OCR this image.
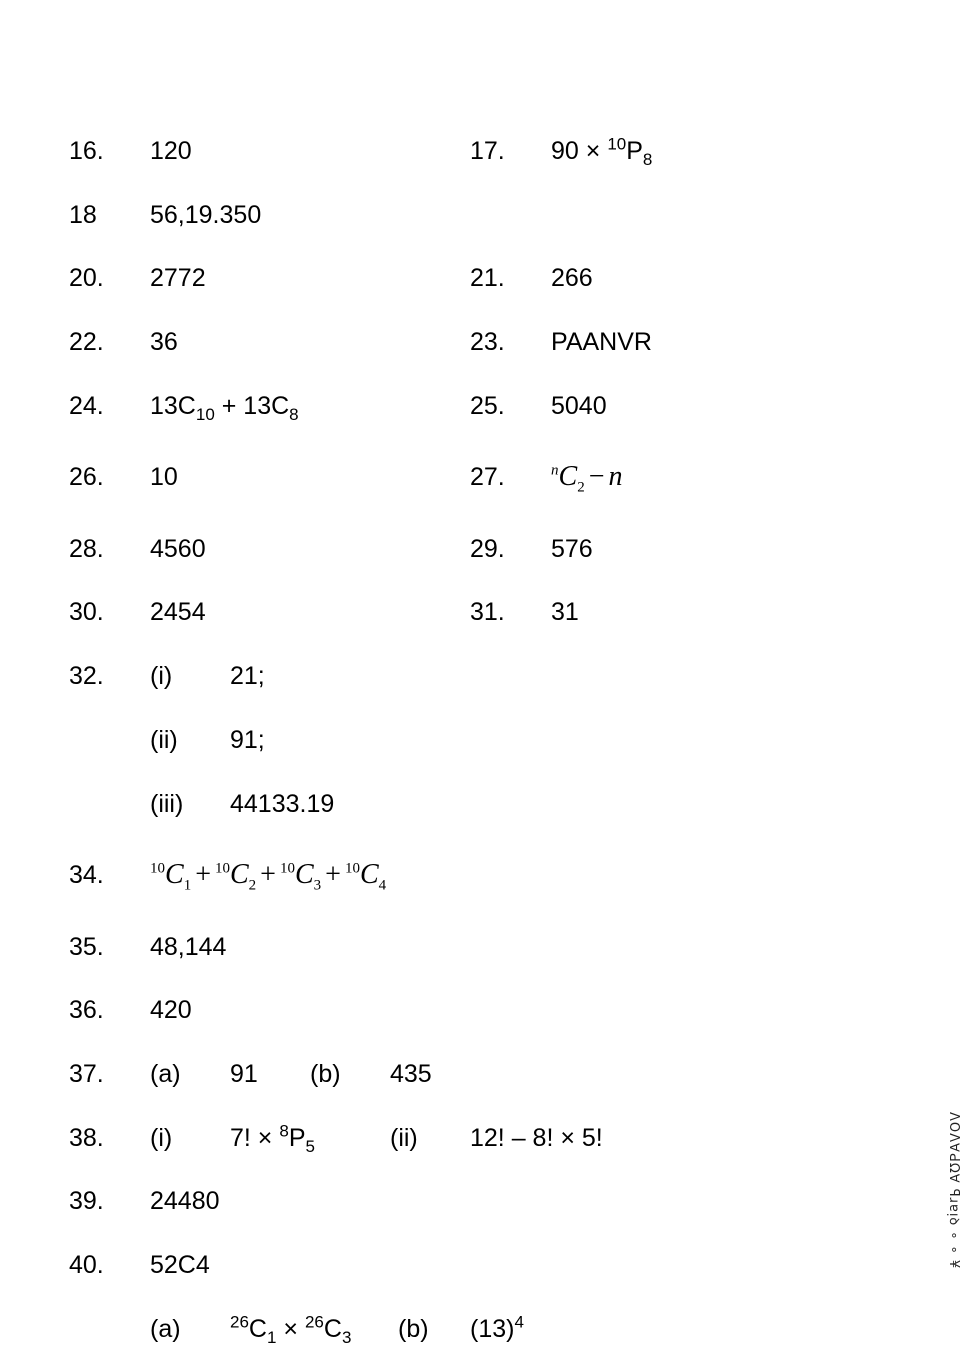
16. 120	17. $90 \times ^{10}P_8$
18 56,19.350
20. 2772	21. 266
22. 36	23. PAANVR
24. $13C_{10} + 13C_8$	25. 5040
26. 10	27.	$^nC_2 - n$
28. 4560	29. 576
30. 2454	31. 31
32. (i) 21;
(ii) 91;
(iii) 44133.19
34.	$^{10}C_1 + ^{10}C_2 + ^{10}C_3 + ^{10}C_4$
35. 48,144
36. 420
37. (a) 91 (b) 435
38. (i) 7! × $^8P_5$	(ii) 12! – 8! × 5!
39. 24480
40. 52C4
(a)	$^{26}C_1 \times ^{26}C_3$ (b) $(13)^4$
ɅOɅ∀ԀΩ∀ ꟼɹɐᴉꝺ ∘ ∘ ¥
